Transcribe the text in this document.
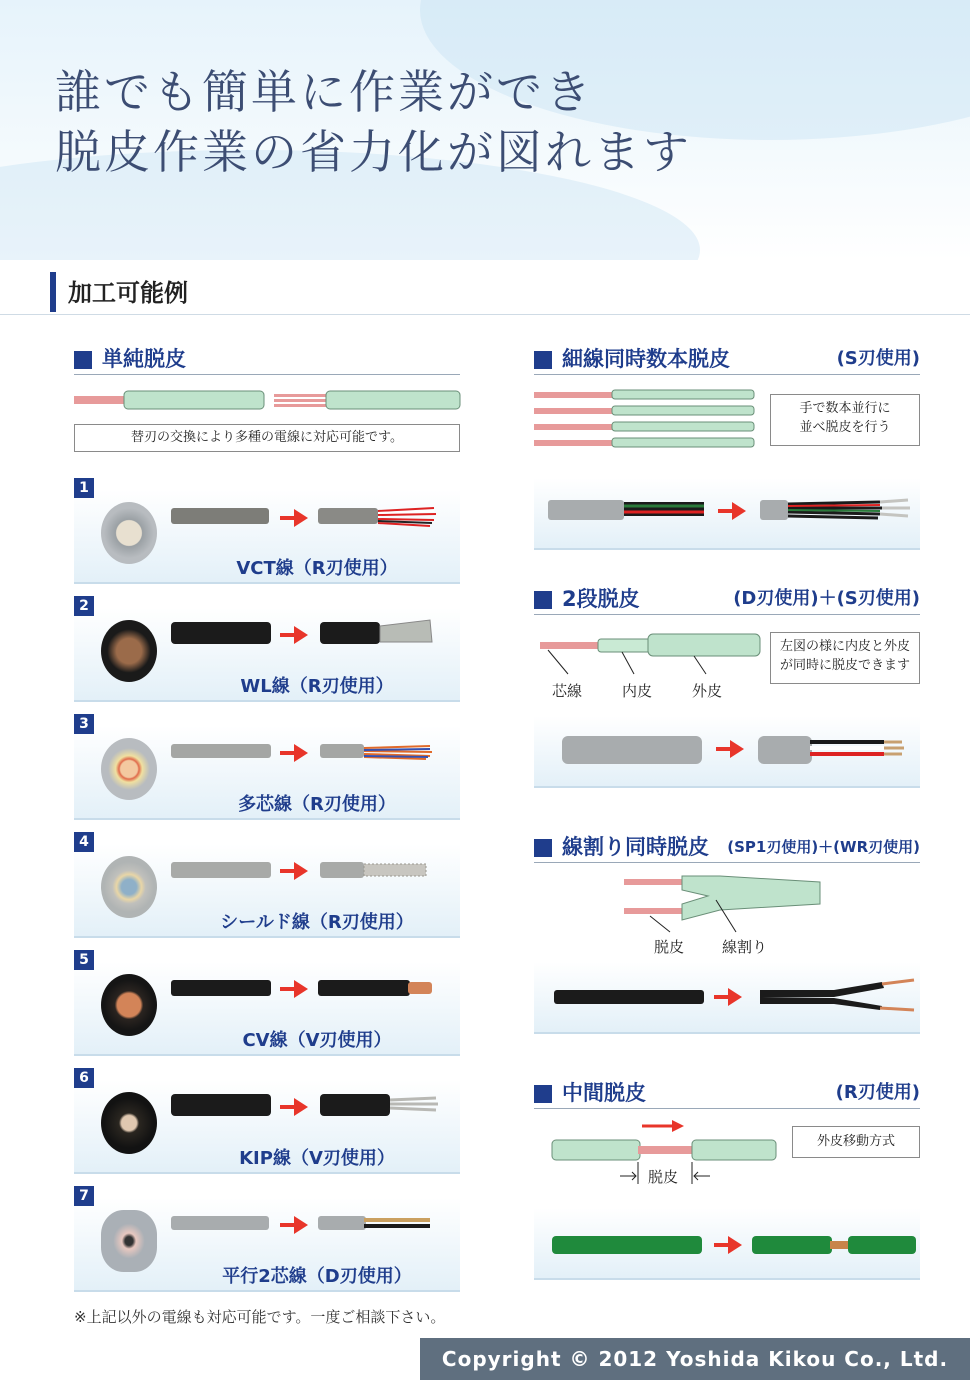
誰でも簡単に作業ができ
脱皮作業の省力化が図れます
加工可能例
単純脱皮
替刃の交換により多種の電線に対応可能です。
1
VCT線（R刃使用）
2
WL線（R刃使用）
3
多芯線（R刃使用）
4
シールド線（R刃使用）
5
CV線（V刃使用）
6
KIP線（V刃使用）
7
平行2芯線（D刃使用）
細線同時数本脱皮	(S刃使用)
手で数本並行に
並べ脱皮を行う
2段脱皮	(D刃使用)＋(S刃使用)
芯線	内皮	外皮
左図の様に内皮と外皮
が同時に脱皮できます
線割り同時脱皮 (SP1刃使用)＋(WR刃使用)
脱皮	線割り
中間脱皮	(R刃使用)
脱皮
外皮移動方式
※上記以外の電線も対応可能です。一度ご相談下さい。
Copyright © 2012 Yoshida Kikou Co., Ltd.
